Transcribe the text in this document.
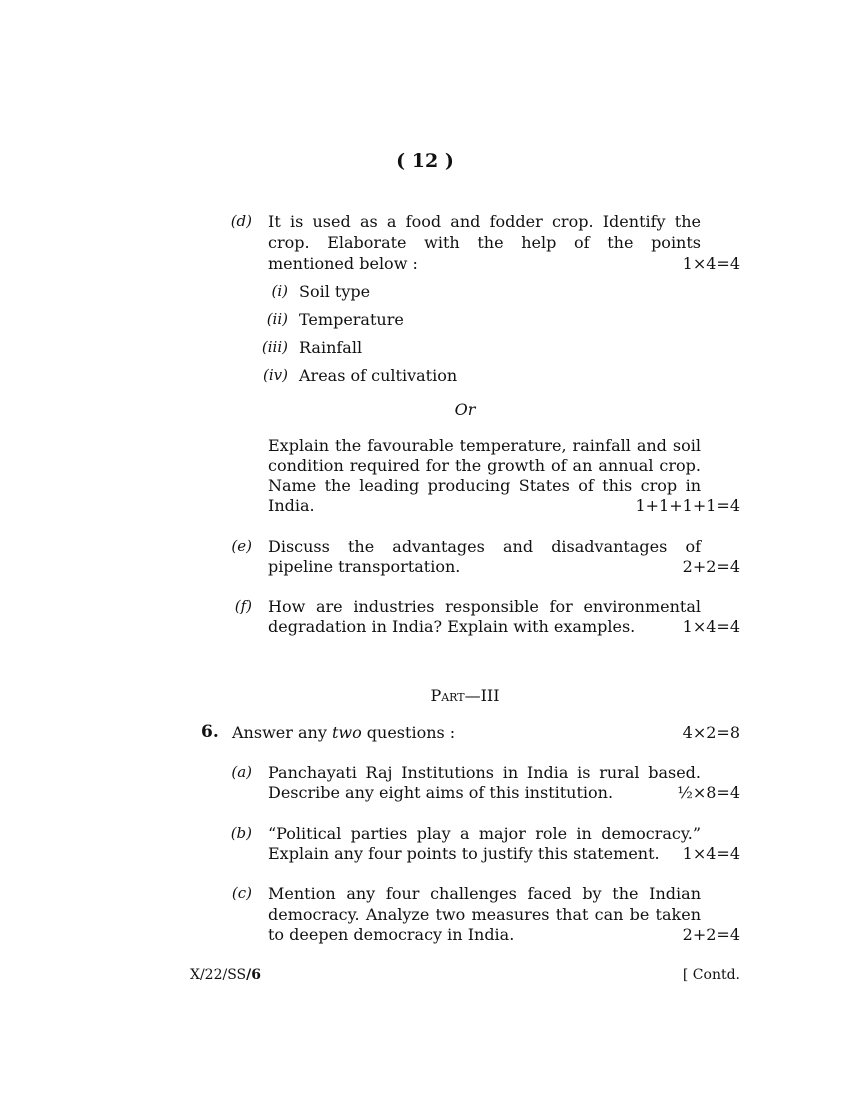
( 12 )
(d) It is used as a food and fodder crop. Identify the
crop. Elaborate with the help of the points
mentioned below :	1×4=4
(i) Soil type
(ii) Temperature
(iii) Rainfall
(iv) Areas of cultivation
Or
Explain the favourable temperature, rainfall and soil
condition required for the growth of an annual crop.
Name the leading producing States of this crop in
India.	1+1+1+1=4
(e) Discuss the advantages and disadvantages of
pipeline transportation.	2+2=4
(f) How are industries responsible for environmental
degradation in India? Explain with examples.	1×4=4
Part—III
6. Answer any two questions :	4×2=8
(a) Panchayati Raj Institutions in India is rural based.
Describe any eight aims of this institution.	½×8=4
(b) “Political parties play a major role in democracy.”
Explain any four points to justify this statement.	1×4=4
(c) Mention any four challenges faced by the Indian
democracy. Analyze two measures that can be taken
to deepen democracy in India.	2+2=4
X/22/SS/6	[ Contd.
